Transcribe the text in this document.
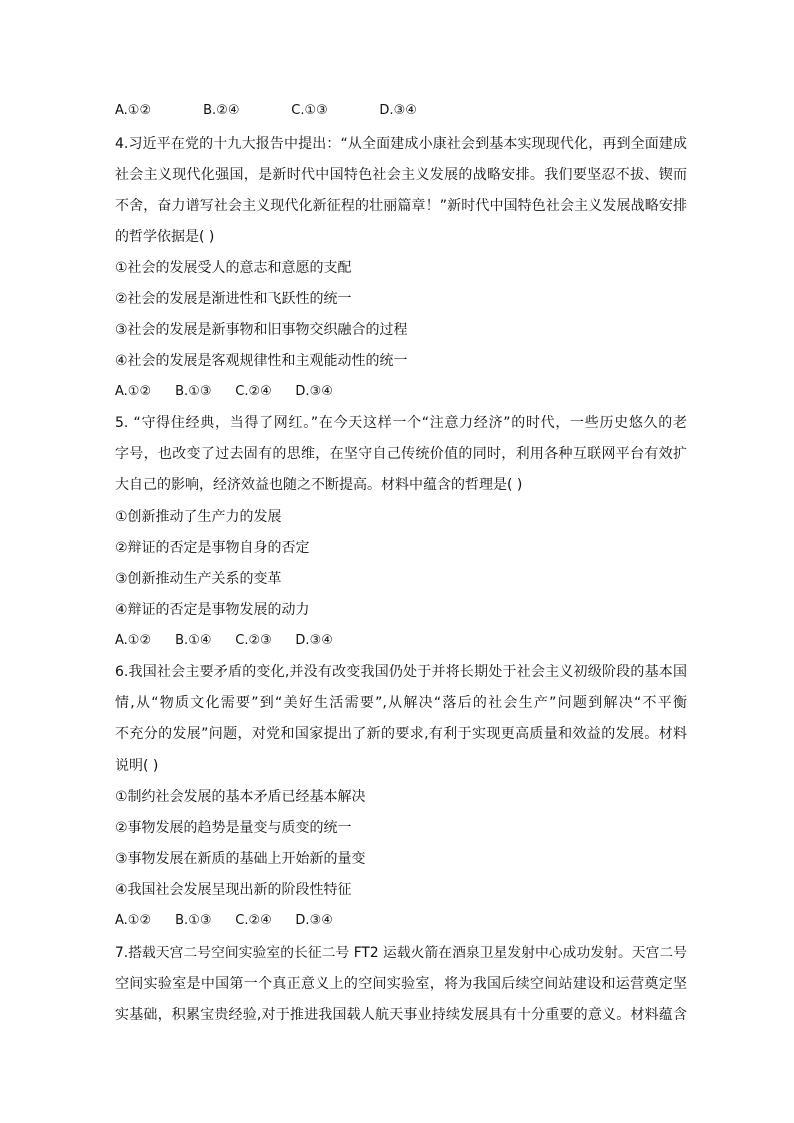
A.①②	B.②④	C.①③	D.③④
4.习近平在党的十九大报告中提出：“从全面建成小康社会到基本实现现代化，再到全面建成
社会主义现代化强国，是新时代中国特色社会主义发展的战略安排。我们要坚忍不拔、锲而
不舍，奋力谱写社会主义现代化新征程的壮丽篇章！”新时代中国特色社会主义发展战略安排
的哲学依据是( )
①社会的发展受人的意志和意愿的支配
②社会的发展是渐进性和飞跃性的统一
③社会的发展是新事物和旧事物交织融合的过程
④社会的发展是客观规律性和主观能动性的统一
A.①② B.①③ C.②④ D.③④
5. “守得住经典，当得了网红。”在今天这样一个“注意力经济”的时代，一些历史悠久的老
字号，也改变了过去固有的思维，在坚守自己传统价值的同时，利用各种互联网平台有效扩
大自己的影响，经济效益也随之不断提高。材料中蕴含的哲理是( )
①创新推动了生产力的发展
②辩证的否定是事物自身的否定
③创新推动生产关系的变革
④辩证的否定是事物发展的动力
A.①② B.①④ C.②③ D.③④
6.我国社会主要矛盾的变化,并没有改变我国仍处于并将长期处于社会主义初级阶段的基本国
情,从“物质文化需要”到“美好生活需要”,从解决“落后的社会生产”问题到解决“不平衡
不充分的发展”问题，对党和国家提出了新的要求,有利于实现更高质量和效益的发展。材料
说明( )
①制约社会发展的基本矛盾已经基本解决
②事物发展的趋势是量变与质变的统一
③事物发展在新质的基础上开始新的量变
④我国社会发展呈现出新的阶段性特征
A.①② B.①③ C.②④ D.③④
7.搭载天宫二号空间实验室的长征二号 FT2 运载火箭在酒泉卫星发射中心成功发射。天宫二号
空间实验室是中国第一个真正意义上的空间实验室，将为我国后续空间站建设和运营奠定坚
实基础，积累宝贵经验,对于推进我国载人航天事业持续发展具有十分重要的意义。材料蕴含
